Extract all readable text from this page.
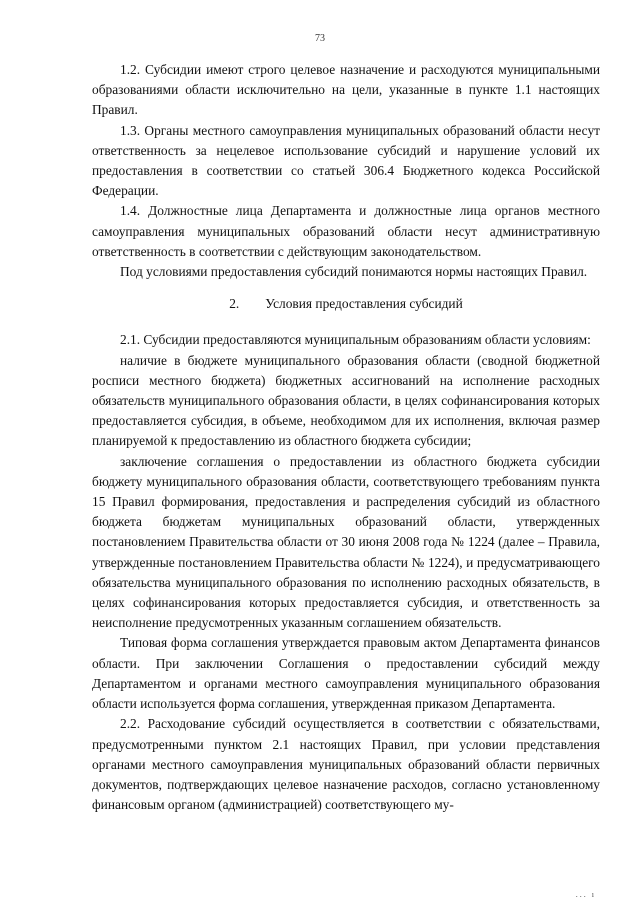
73

1.2. Субсидии имеют строго целевое назначение и расходуются муниципальными образованиями области исключительно на цели, указанные в пункте 1.1 настоящих Правил.

1.3. Органы местного самоуправления муниципальных образований области несут ответственность за нецелевое использование субсидий и нарушение условий их предоставления в соответствии со статьей 306.4 Бюджетного кодекса Российской Федерации.

1.4. Должностные лица Департамента и должностные лица органов местного самоуправления муниципальных образований области несут административную ответственность в соответствии с действующим законодательством.

Под условиями предоставления субсидий понимаются нормы настоящих Правил.

2. Условия предоставления субсидий

2.1. Субсидии предоставляются муниципальным образованиям области условиям:

наличие в бюджете муниципального образования области (сводной бюджетной росписи местного бюджета) бюджетных ассигнований на исполнение расходных обязательств муниципального образования области, в целях софинансирования которых предоставляется субсидия, в объеме, необходимом для их исполнения, включая размер планируемой к предоставлению из областного бюджета субсидии;

заключение соглашения о предоставлении из областного бюджета субсидии бюджету муниципального образования области, соответствующего требованиям пункта 15 Правил формирования, предоставления и распределения субсидий из областного бюджета бюджетам муниципальных образований области, утвержденных постановлением Правительства области от 30 июня 2008 года № 1224 (далее – Правила, утвержденные постановлением Правительства области № 1224), и предусматривающего обязательства муниципального образования по исполнению расходных обязательств, в целях софинансирования которых предоставляется субсидия, и ответственность за неисполнение предусмотренных указанным соглашением обязательств.

Типовая форма соглашения утверждается правовым актом Департамента финансов области. При заключении Соглашения о предоставлении субсидий между Департаментом и органами местного самоуправления муниципального образования области используется форма соглашения, утвержденная приказом Департамента.

2.2. Расходование субсидий осуществляется в соответствии с обязательствами, предусмотренными пунктом 2.1 настоящих Правил, при условии представления органами местного самоуправления муниципальных образований области первичных документов, подтверждающих целевое назначение расходов, согласно установленному финансовым органом (администрацией) соответствующего му-

... ı
